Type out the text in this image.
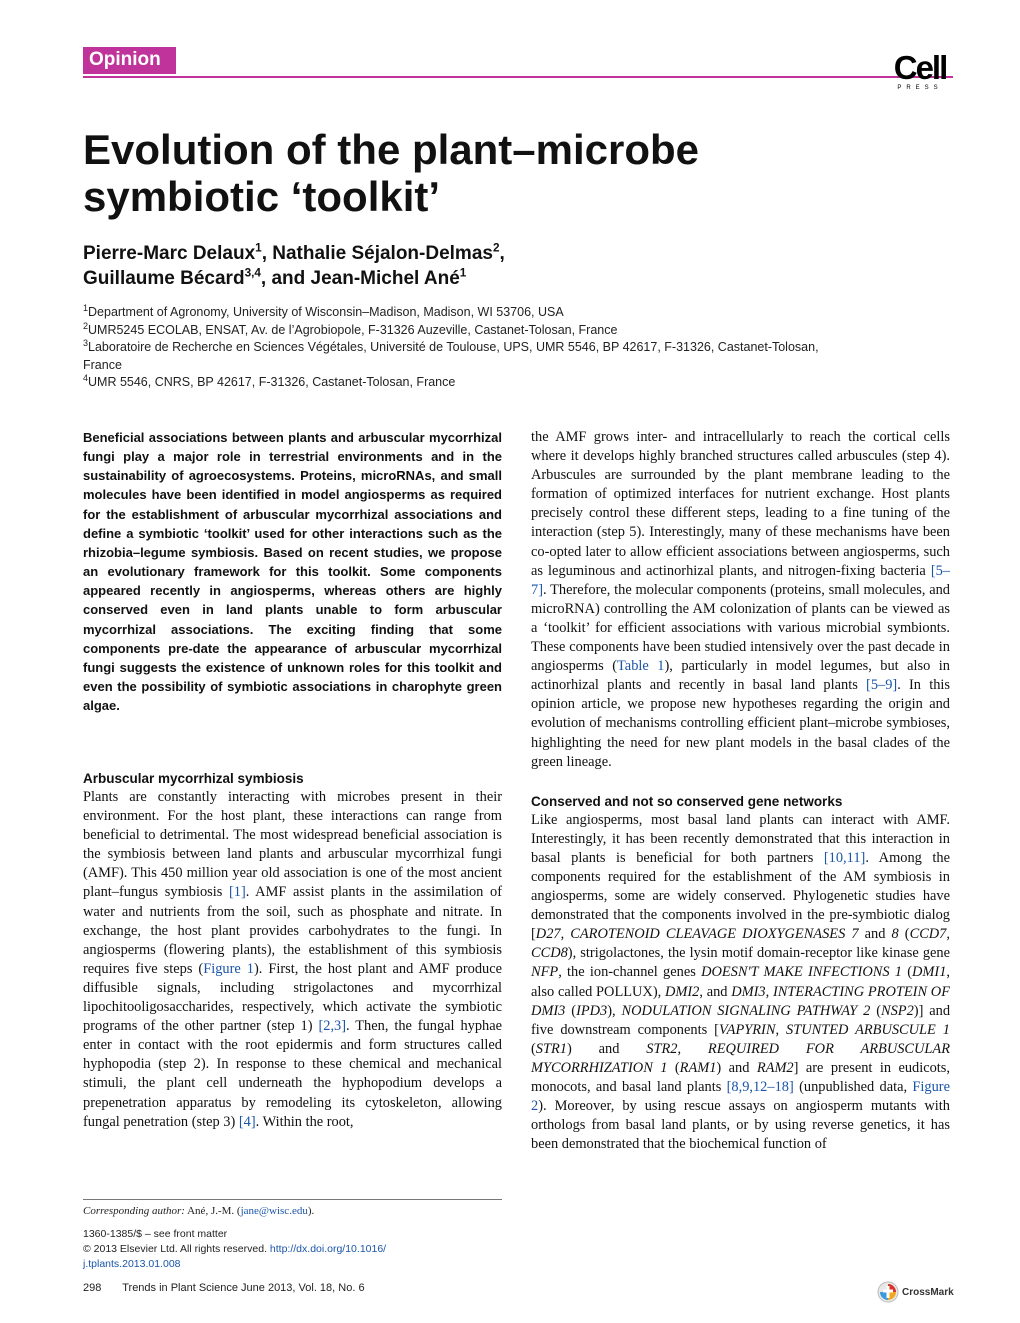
Opinion	Cell
PRESS
Evolution of the plant–microbe
symbiotic ‘toolkit’
Pierre-Marc Delaux$^1$, Nathalie Séjalon-Delmas$^2$,
Guillaume Bécard$^{3,4}$, and Jean-Michel Ané$^1$
$^1$Department of Agronomy, University of Wisconsin–Madison, Madison, WI 53706, USA
$^2$UMR5245 ECOLAB, ENSAT, Av. de l’Agrobiopole, F-31326 Auzeville, Castanet-Tolosan, France
$^3$Laboratoire de Recherche en Sciences Végétales, Université de Toulouse, UPS, UMR 5546, BP 42617, F-31326, Castanet-Tolosan, France
$^4$UMR 5546, CNRS, BP 42617, F-31326, Castanet-Tolosan, France

Beneficial associations between plants and arbuscular mycorrhizal fungi play a major role in terrestrial environments and in the sustainability of agroecosystems. Proteins, microRNAs, and small molecules have been identified in model angiosperms as required for the establishment of arbuscular mycorrhizal associations and define a symbiotic ‘toolkit’ used for other interactions such as the rhizobia–legume symbiosis. Based on recent studies, we propose an evolutionary framework for this toolkit. Some components appeared recently in angiosperms, whereas others are highly conserved even in land plants unable to form arbuscular mycorrhizal associations. The exciting finding that some components pre-date the appearance of arbuscular mycorrhizal fungi suggests the existence of unknown roles for this toolkit and even the possibility of symbiotic associations in charophyte green algae.

Arbuscular mycorrhizal symbiosis

Plants are constantly interacting with microbes present in their environment. For the host plant, these interactions can range from beneficial to detrimental. The most widespread beneficial association is the symbiosis between land plants and arbuscular mycorrhizal fungi (AMF). This 450 million year old association is one of the most ancient plant–fungus symbiosis [1]. AMF assist plants in the assimilation of water and nutrients from the soil, such as phosphate and nitrate. In exchange, the host plant provides carbohydrates to the fungi. In angiosperms (flowering plants), the establishment of this symbiosis requires five steps (Figure 1). First, the host plant and AMF produce diffusible signals, including strigolactones and mycorrhizal lipochitooligosaccharides, respectively, which activate the symbiotic programs of the other partner (step 1) [2,3]. Then, the fungal hyphae enter in contact with the root epidermis and form structures called hyphopodia (step 2). In response to these chemical and mechanical stimuli, the plant cell underneath the hyphopodium develops a prepenetration apparatus by remodeling its cytoskeleton, allowing fungal penetration (step 3) [4]. Within the root,

the AMF grows inter- and intracellularly to reach the cortical cells where it develops highly branched structures called arbuscules (step 4). Arbuscules are surrounded by the plant membrane leading to the formation of optimized interfaces for nutrient exchange. Host plants precisely control these different steps, leading to a fine tuning of the interaction (step 5). Interestingly, many of these mechanisms have been co-opted later to allow efficient associations between angiosperms, such as leguminous and actinorhizal plants, and nitrogen-fixing bacteria [5–7]. Therefore, the molecular components (proteins, small molecules, and microRNA) controlling the AM colonization of plants can be viewed as a ‘toolkit’ for efficient associations with various microbial symbionts. These components have been studied intensively over the past decade in angiosperms (Table 1), particularly in model legumes, but also in actinorhizal plants and recently in basal land plants [5–9]. In this opinion article, we propose new hypotheses regarding the origin and evolution of mechanisms controlling efficient plant–microbe symbioses, highlighting the need for new plant models in the basal clades of the green lineage.

Conserved and not so conserved gene networks

Like angiosperms, most basal land plants can interact with AMF. Interestingly, it has been recently demonstrated that this interaction in basal plants is beneficial for both partners [10,11]. Among the components required for the establishment of the AM symbiosis in angiosperms, some are widely conserved. Phylogenetic studies have demonstrated that the components involved in the pre-symbiotic dialog [D27, CAROTENOID CLEAVAGE DIOXYGENASES 7 and 8 (CCD7, CCD8), strigolactones, the lysin motif domain-receptor like kinase gene NFP, the ion-channel genes DOESN'T MAKE INFECTIONS 1 (DMI1, also called POLLUX), DMI2, and DMI3, INTERACTING PROTEIN OF DMI3 (IPD3), NODULATION SIGNALING PATHWAY 2 (NSP2)] and five downstream components [VAPYRIN, STUNTED ARBUSCULE 1 (STR1) and STR2, REQUIRED FOR ARBUSCULAR MYCORRHIZATION 1 (RAM1) and RAM2] are present in eudicots, monocots, and basal land plants [8,9,12–18] (unpublished data, Figure 2). Moreover, by using rescue assays on angiosperm mutants with orthologs from basal land plants, or by using reverse genetics, it has been demonstrated that the biochemical function of

Corresponding author: Ané, J.-M. (jane@wisc.edu).
1360-1385/$ – see front matter
© 2013 Elsevier Ltd. All rights reserved. http://dx.doi.org/10.1016/
j.tplants.2013.01.008
298 Trends in Plant Science June 2013, Vol. 18, No. 6	CrossMark
